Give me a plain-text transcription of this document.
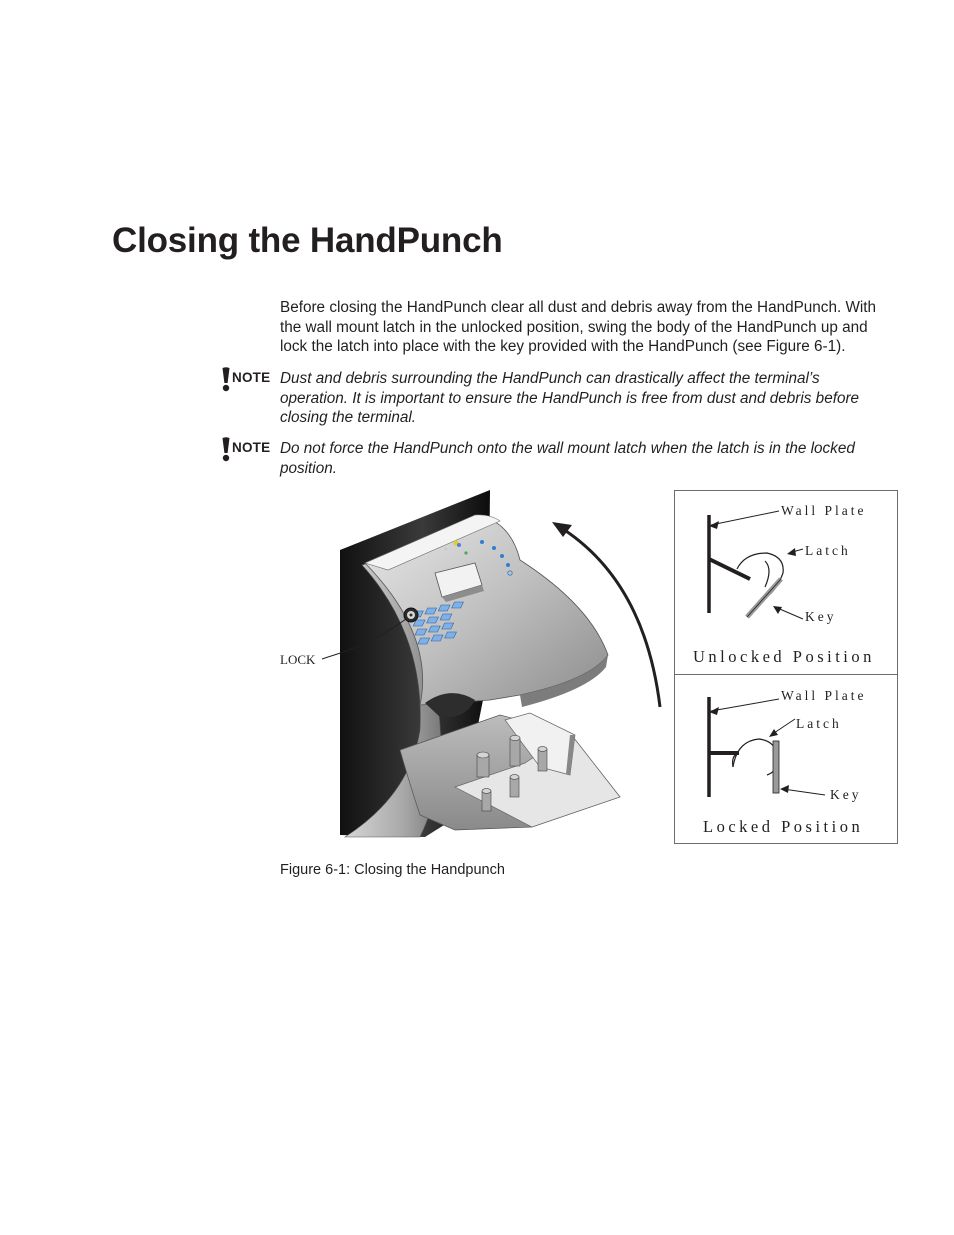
Closing the HandPunch

Before closing the HandPunch clear all dust and debris away from the HandPunch. With the wall mount latch in the unlocked position, swing the body of the HandPunch up and lock the latch into place with the key provided with the HandPunch (see Figure 6-1).

NOTE Dust and debris surrounding the HandPunch can drastically affect the terminal’s operation. It is important to ensure the HandPunch is free from dust and debris before closing the terminal.

NOTE Do not force the HandPunch onto the wall mount latch when the latch is in the locked position.

Wall Plate
Latch
Key
Unlocked Position
Wall Plate
Latch
Key
Locked Position
LOCK
Figure 6-1: Closing the Handpunch
